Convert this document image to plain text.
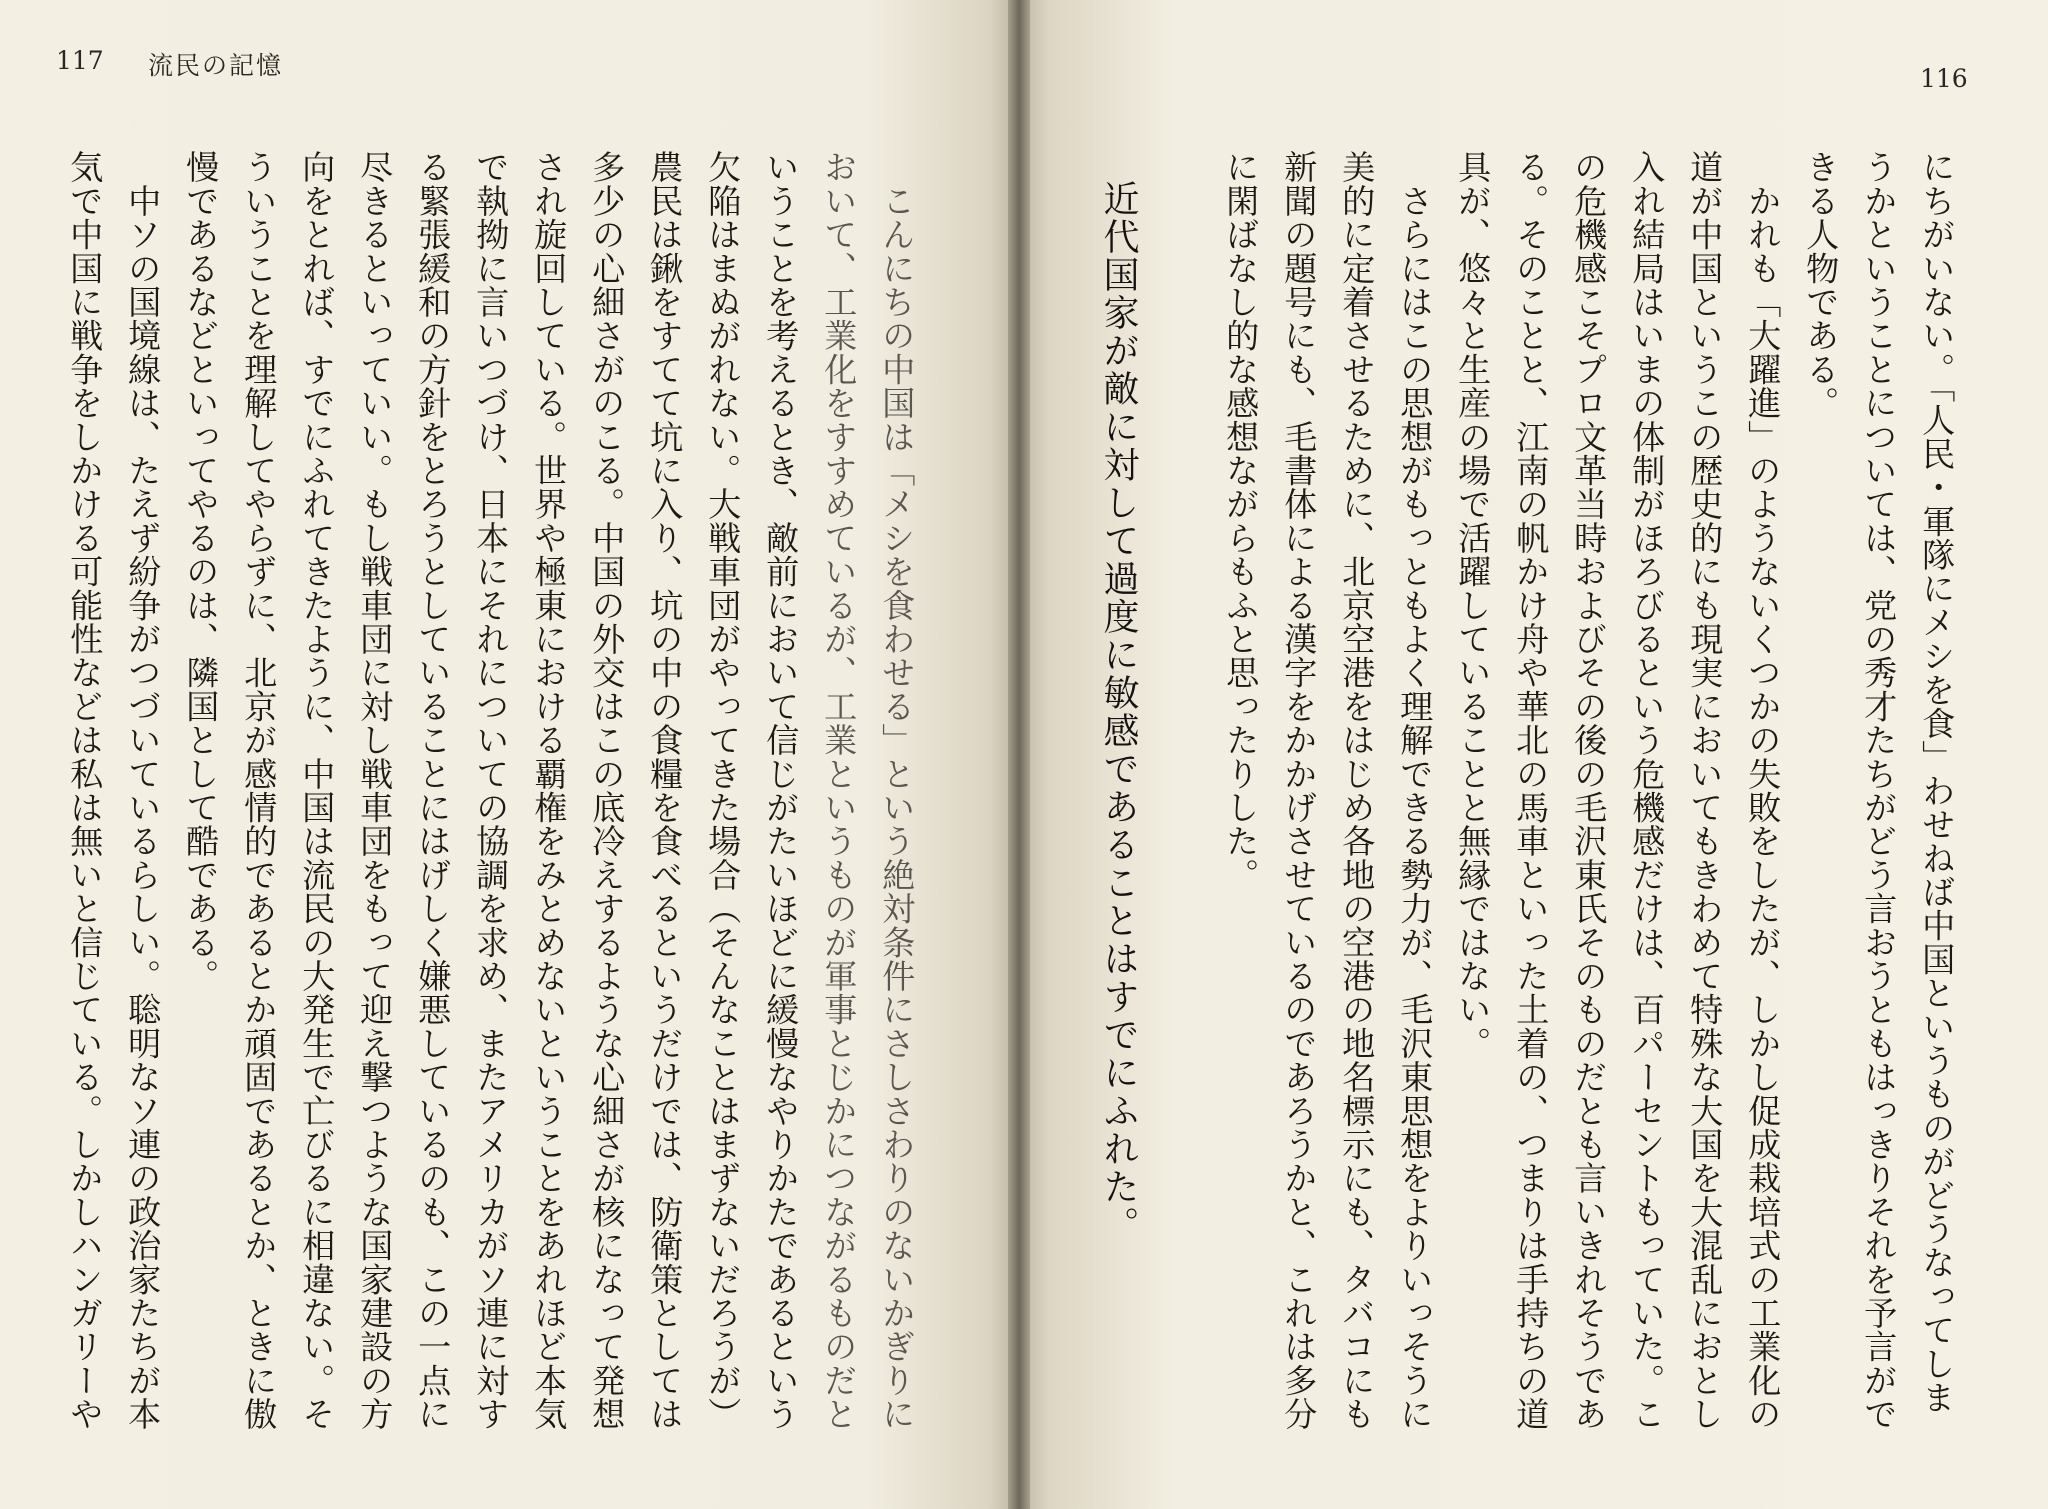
117 流民の記憶
　こんにちの中国は「メシを食わせる」という絶対条件にさしさわりのないかぎりに
おいて、工業化をすすめているが、工業というものが軍事とじかにつながるものだと
いうことを考えるとき、敵前において信じがたいほどに緩慢なやりかたであるという
欠陥はまぬがれない。大戦車団がやってきた場合（そんなことはまずないだろうが）
農民は鍬をすてて坑に入り、坑の中の食糧を食べるというだけでは、防衛策としては
多少の心細さがのこる。中国の外交はこの底冷えするような心細さが核になって発想
され旋回している。世界や極東における覇権をみとめないということをあれほど本気
で執拗に言いつづけ、日本にそれについての協調を求め、またアメリカがソ連に対す
る緊張緩和の方針をとろうとしていることにはげしく嫌悪しているのも、この一点に
尽きるといっていい。もし戦車団に対し戦車団をもって迎え撃つような国家建設の方
向をとれば、すでにふれてきたように、中国は流民の大発生で亡びるに相違ない。そ
ういうことを理解してやらずに、北京が感情的であるとか頑固であるとか、ときに傲
慢であるなどといってやるのは、隣国として酷である。
　中ソの国境線は、たえず紛争がつづいているらしい。聡明なソ連の政治家たちが本
気で中国に戦争をしかける可能性などは私は無いと信じている。しかしハンガリーや
116
にちがいない。「人民・軍隊にメシを食」わせねば中国というものがどうなってしま
うかということについては、党の秀才たちがどう言おうともはっきりそれを予言がで
きる人物である。
　かれも「大躍進」のようないくつかの失敗をしたが、しかし促成栽培式の工業化の
道が中国というこの歴史的にも現実においてもきわめて特殊な大国を大混乱におとし
入れ結局はいまの体制がほろびるという危機感だけは、百パーセントもっていた。こ
の危機感こそプロ文革当時およびその後の毛沢東氏そのものだとも言いきれそうであ
る。そのことと、江南の帆かけ舟や華北の馬車といった土着の、つまりは手持ちの道
具が、悠々と生産の場で活躍していることと無縁ではない。
　さらにはこの思想がもっともよく理解できる勢力が、毛沢東思想をよりいっそうに
美的に定着させるために、北京空港をはじめ各地の空港の地名標示にも、タバコにも
新聞の題号にも、毛書体による漢字をかかげさせているのであろうかと、これは多分
に閑ばなし的な感想ながらもふと思ったりした。
近代国家が敵に対して過度に敏感であることはすでにふれた。
